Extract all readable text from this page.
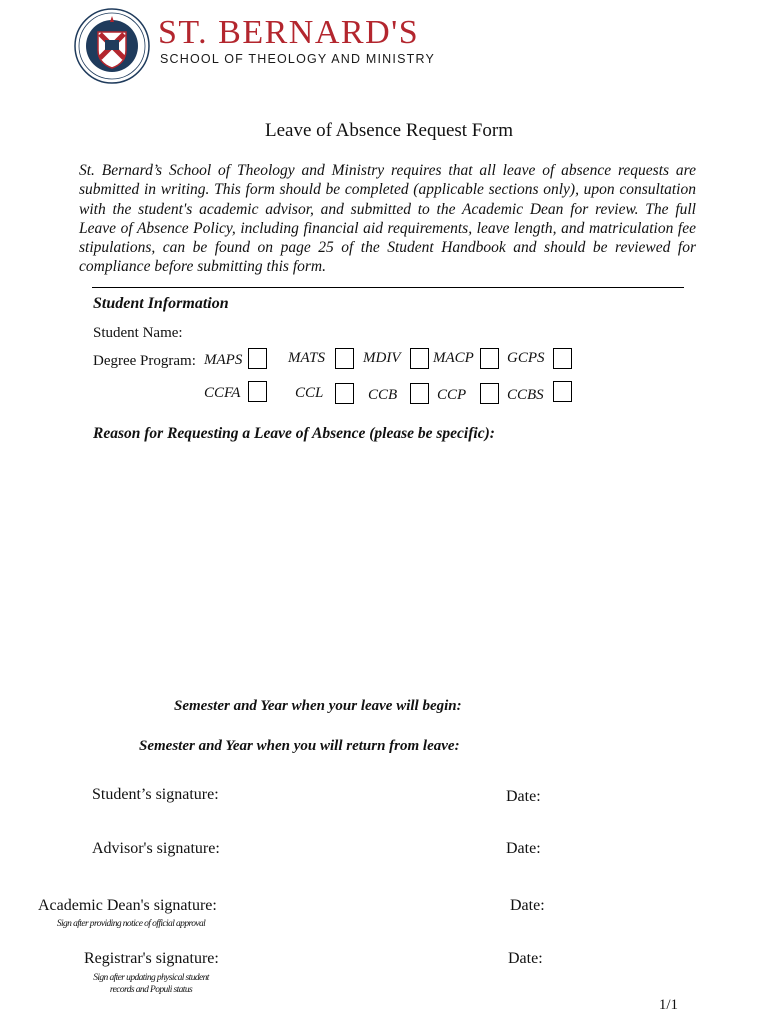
ST. BERNARD'S
SCHOOL OF THEOLOGY AND MINISTRY
Leave of Absence Request Form
St. Bernard’s School of Theology and Ministry requires that all leave of absence requests are submitted in writing. This form should be completed (applicable sections only), upon consultation with the student's academic advisor, and submitted to the Academic Dean for review. The full Leave of Absence Policy, including financial aid requirements, leave length, and matriculation fee stipulations, can be found on page 25 of the Student Handbook and should be reviewed for compliance before submitting this form.
Student Information
Student Name:
Degree Program: MAPS	MATS	MDIV MACP GCPS
CCFA	CCL	CCB	CCP	CCBS
Reason for Requesting a Leave of Absence (please be specific):
Semester and Year when your leave will begin:
Semester and Year when you will return from leave:
Student’s signature:	Date:
Advisor's signature:	Date:
Academic Dean's signature:
Sign after providing notice of official approval
Date:
Registrar's signature:
Sign after updating physical student
records and Populi status
Date:
1/1
